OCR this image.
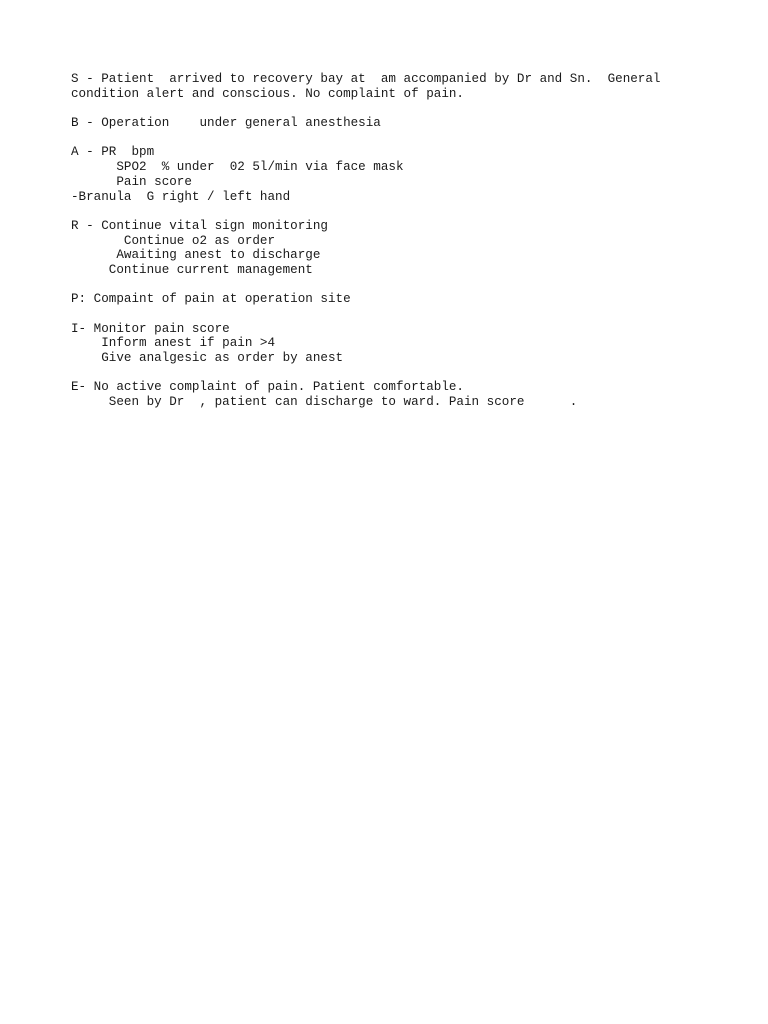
S - Patient  arrived to recovery bay at  am accompanied by Dr and Sn.  General
condition alert and conscious. No complaint of pain.
B - Operation    under general anesthesia
A - PR  bpm
SPO2  % under  02 5l/min via face mask
Pain score
-Branula  G right / left hand
R - Continue vital sign monitoring
Continue o2 as order
Awaiting anest to discharge
Continue current management
P: Compaint of pain at operation site
I- Monitor pain score
Inform anest if pain >4
Give analgesic as order by anest
E- No active complaint of pain. Patient comfortable.
Seen by Dr  , patient can discharge to ward. Pain score      .
